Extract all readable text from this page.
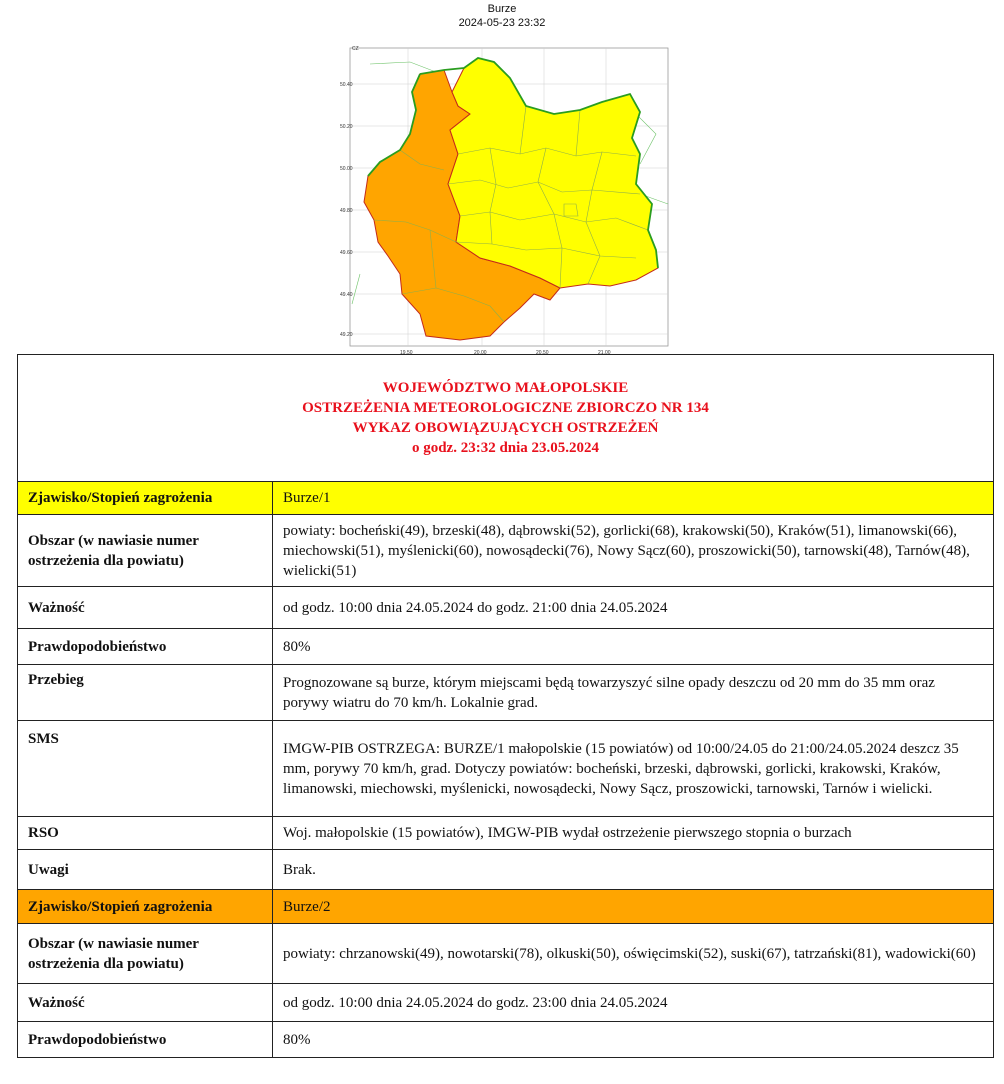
Burze
2024-05-23 23:32
CZ
50.40
50.20
50.00
49.80
49.60
49.40
49.20
19.50	20.00	20.50	21.00
WOJEWÓDZTWO MAŁOPOLSKIE
OSTRZEŻENIA METEOROLOGICZNE ZBIORCZO NR 134
WYKAZ OBOWIĄZUJĄCYCH OSTRZEŻEŃ
o godz. 23:32 dnia 23.05.2024	

Zjawisko/Stopień zagrożenia	Burze/1
Obszar (w nawiasie numer ostrzeżenia dla powiatu)	powiaty: bocheński(49), brzeski(48), dąbrowski(52), gorlicki(68), krakowski(50), Kraków(51), limanowski(66), miechowski(51), myślenicki(60), nowosądecki(76), Nowy Sącz(60), proszowicki(50), tarnowski(48), Tarnów(48), wielicki(51)
Ważność	od godz. 10:00 dnia 24.05.2024 do godz. 21:00 dnia 24.05.2024
Prawdopodobieństwo	80%
Przebieg	Prognozowane są burze, którym miejscami będą towarzyszyć silne opady deszczu od 20 mm do 35 mm oraz porywy wiatru do 70 km/h. Lokalnie grad.
SMS	IMGW-PIB OSTRZEGA: BURZE/1 małopolskie (15 powiatów) od 10:00/24.05 do 21:00/24.05.2024 deszcz 35 mm, porywy 70 km/h, grad. Dotyczy powiatów: bocheński, brzeski, dąbrowski, gorlicki, krakowski, Kraków, limanowski, miechowski, myślenicki, nowosądecki, Nowy Sącz, proszowicki, tarnowski, Tarnów i wielicki.
RSO	Woj. małopolskie (15 powiatów), IMGW-PIB wydał ostrzeżenie pierwszego stopnia o burzach
Uwagi	Brak.
Zjawisko/Stopień zagrożenia	Burze/2
Obszar (w nawiasie numer ostrzeżenia dla powiatu)	powiaty: chrzanowski(49), nowotarski(78), olkuski(50), oświęcimski(52), suski(67), tatrzański(81), wadowicki(60)
Ważność	od godz. 10:00 dnia 24.05.2024 do godz. 23:00 dnia 24.05.2024
Prawdopodobieństwo	80%
